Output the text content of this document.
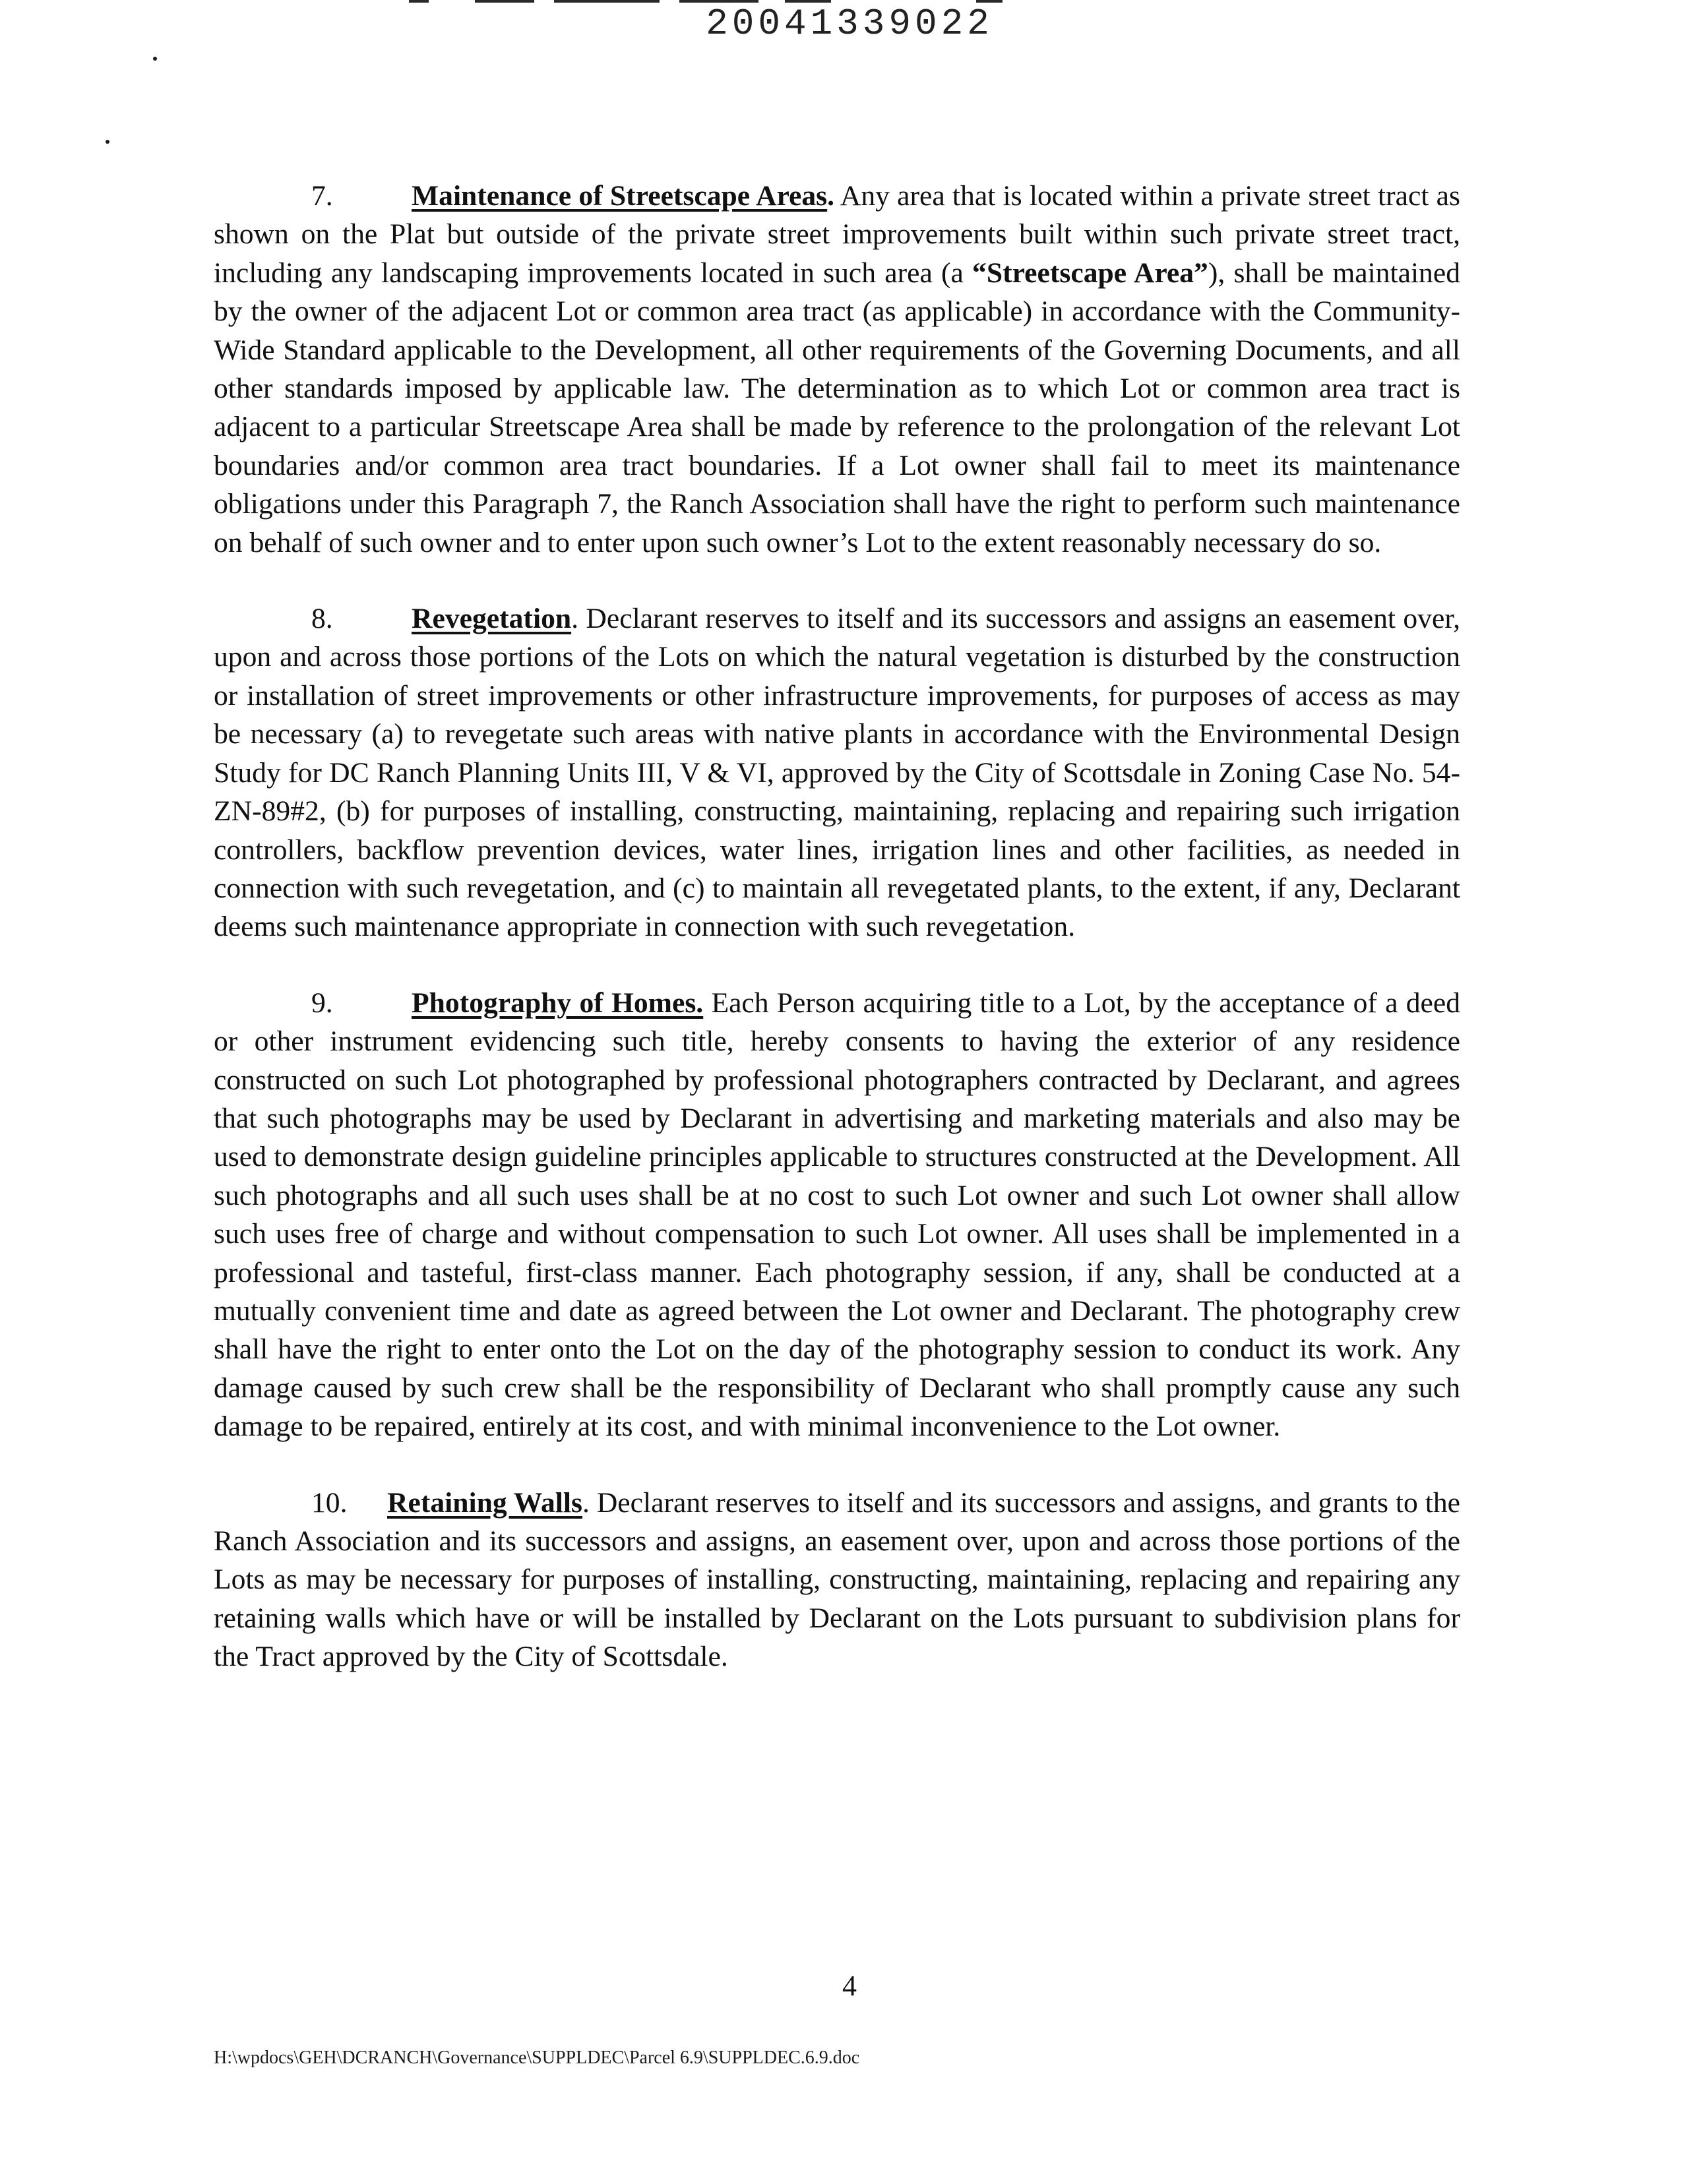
20041339022

7.	Maintenance of Streetscape Areas. Any area that is located within a private street tract as shown on the Plat but outside of the private street improvements built within such private street tract, including any landscaping improvements located in such area (a “Streetscape Area”), shall be maintained by the owner of the adjacent Lot or common area tract (as applicable) in accordance with the Community-Wide Standard applicable to the Development, all other requirements of the Governing Documents, and all other standards imposed by applicable law. The determination as to which Lot or common area tract is adjacent to a particular Streetscape Area shall be made by reference to the prolongation of the relevant Lot boundaries and/or common area tract boundaries. If a Lot owner shall fail to meet its maintenance obligations under this Paragraph 7, the Ranch Association shall have the right to perform such maintenance on behalf of such owner and to enter upon such owner’s Lot to the extent reasonably necessary do so.

8.	Revegetation. Declarant reserves to itself and its successors and assigns an easement over, upon and across those portions of the Lots on which the natural vegetation is disturbed by the construction or installation of street improvements or other infrastructure improvements, for purposes of access as may be necessary (a) to revegetate such areas with native plants in accordance with the Environmental Design Study for DC Ranch Planning Units III, V & VI, approved by the City of Scottsdale in Zoning Case No. 54-ZN-89#2, (b) for purposes of installing, constructing, maintaining, replacing and repairing such irrigation controllers, backflow prevention devices, water lines, irrigation lines and other facilities, as needed in connection with such revegetation, and (c) to maintain all revegetated plants, to the extent, if any, Declarant deems such maintenance appropriate in connection with such revegetation.

9.	Photography of Homes. Each Person acquiring title to a Lot, by the acceptance of a deed or other instrument evidencing such title, hereby consents to having the exterior of any residence constructed on such Lot photographed by professional photographers contracted by Declarant, and agrees that such photographs may be used by Declarant in advertising and marketing materials and also may be used to demonstrate design guideline principles applicable to structures constructed at the Development. All such photographs and all such uses shall be at no cost to such Lot owner and such Lot owner shall allow such uses free of charge and without compensation to such Lot owner. All uses shall be implemented in a professional and tasteful, first-class manner. Each photography session, if any, shall be conducted at a mutually convenient time and date as agreed between the Lot owner and Declarant. The photography crew shall have the right to enter onto the Lot on the day of the photography session to conduct its work. Any damage caused by such crew shall be the responsibility of Declarant who shall promptly cause any such damage to be repaired, entirely at its cost, and with minimal inconvenience to the Lot owner.

10. Retaining Walls. Declarant reserves to itself and its successors and assigns, and grants to the Ranch Association and its successors and assigns, an easement over, upon and across those portions of the Lots as may be necessary for purposes of installing, constructing, maintaining, replacing and repairing any retaining walls which have or will be installed by Declarant on the Lots pursuant to subdivision plans for the Tract approved by the City of Scottsdale.

4
H:\wpdocs\GEH\DCRANCH\Governance\SUPPLDEC\Parcel 6.9\SUPPLDEC.6.9.doc
